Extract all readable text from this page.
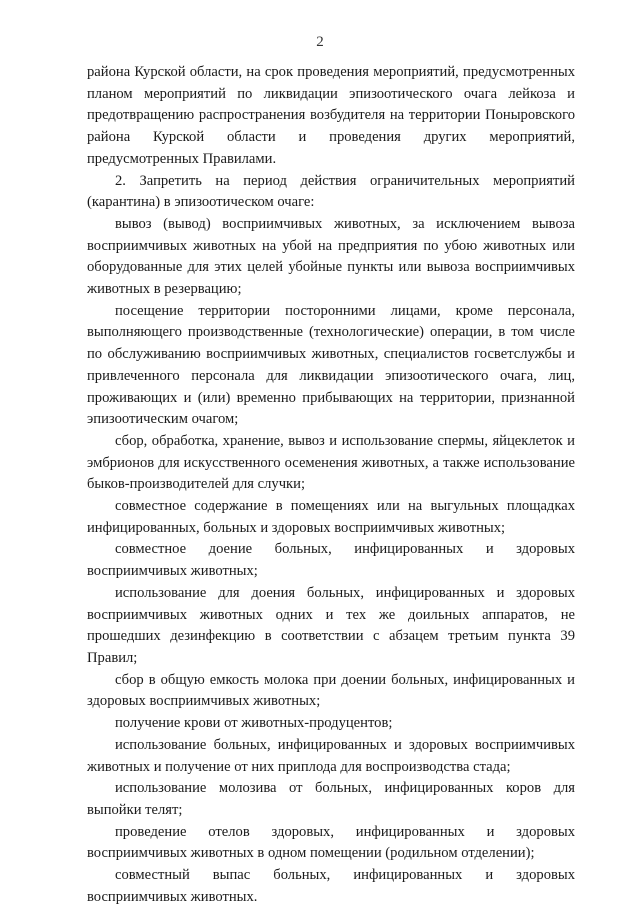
2

района Курской области, на срок проведения мероприятий, предусмотренных планом мероприятий по ликвидации эпизоотического очага лейкоза и предотвращению распространения возбудителя на территории Поныровского района Курской области и проведения других мероприятий, предусмотренных Правилами.

2. Запретить на период действия ограничительных мероприятий (карантина) в эпизоотическом очаге:

вывоз (вывод) восприимчивых животных, за исключением вывоза восприимчивых животных на убой на предприятия по убою животных или оборудованные для этих целей убойные пункты или вывоза восприимчивых животных в резервацию;

посещение территории посторонними лицами, кроме персонала, выполняющего производственные (технологические) операции, в том числе по обслуживанию восприимчивых животных, специалистов госветслужбы и привлеченного персонала для ликвидации эпизоотического очага, лиц, проживающих и (или) временно прибывающих на территории, признанной эпизоотическим очагом;

сбор, обработка, хранение, вывоз и использование спермы, яйцеклеток и эмбрионов для искусственного осеменения животных, а также использование быков-производителей для случки;

совместное содержание в помещениях или на выгульных площадках инфицированных, больных и здоровых восприимчивых животных;

совместное доение больных, инфицированных и здоровых восприимчивых животных;

использование для доения больных, инфицированных и здоровых восприимчивых животных одних и тех же доильных аппаратов, не прошедших дезинфекцию в соответствии с абзацем третьим пункта 39 Правил;

сбор в общую емкость молока при доении больных, инфицированных и здоровых восприимчивых животных;

получение крови от животных-продуцентов;

использование больных, инфицированных и здоровых восприимчивых животных и получение от них приплода для воспроизводства стада;

использование молозива от больных, инфицированных коров для выпойки телят;

проведение отелов здоровых, инфицированных и здоровых восприимчивых животных в одном помещении (родильном отделении);

совместный выпас больных, инфицированных и здоровых восприимчивых животных.
